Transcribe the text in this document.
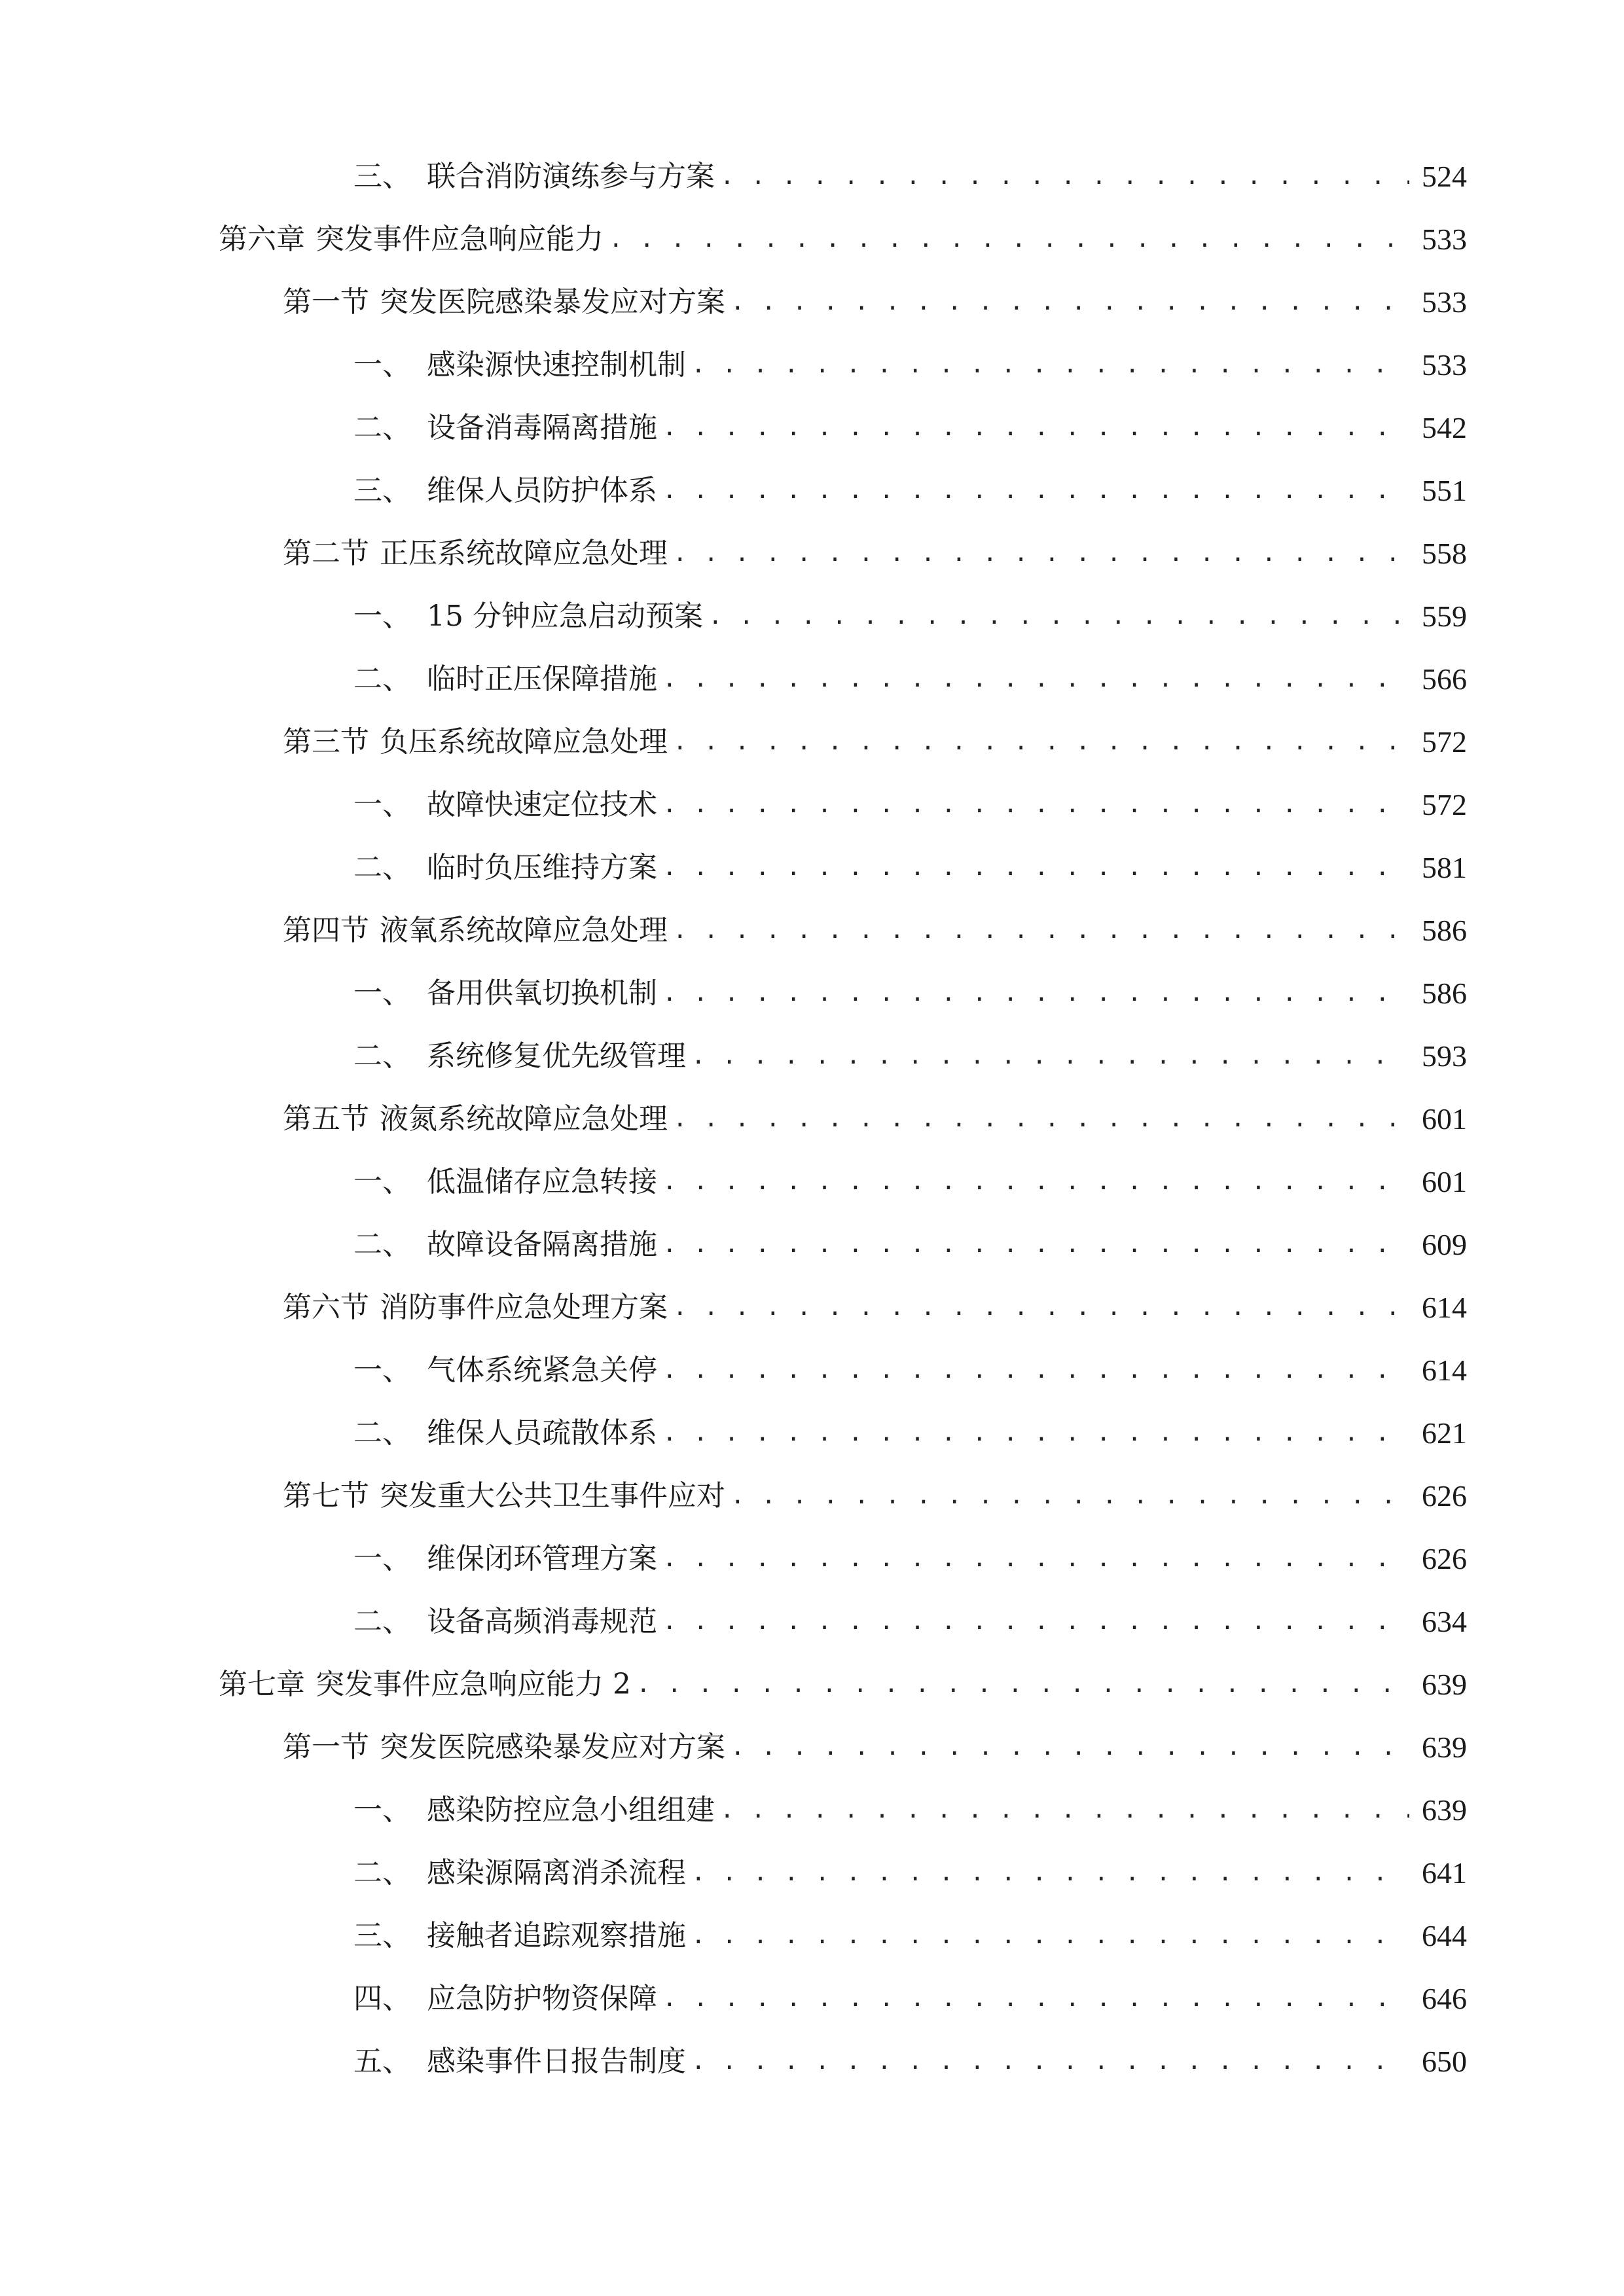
三、 联合消防演练参与方案 . . .	524
第六章 突发事件应急响应能力 . . .	533
第一节 突发医院感染暴发应对方案 . . .	533
一、 感染源快速控制机制 . . .	533
二、 设备消毒隔离措施 . . .	542
三、 维保人员防护体系 . . .	551
第二节 正压系统故障应急处理 . . .	558
一、 15 分钟应急启动预案 . . .	559
二、 临时正压保障措施 . . .	566
第三节 负压系统故障应急处理 . . .	572
一、 故障快速定位技术 . . .	572
二、 临时负压维持方案 . . .	581
第四节 液氧系统故障应急处理 . . .	586
一、 备用供氧切换机制 . . .	586
二、 系统修复优先级管理 . . .	593
第五节 液氮系统故障应急处理 . . .	601
一、 低温储存应急转接 . . .	601
二、 故障设备隔离措施 . . .	609
第六节 消防事件应急处理方案 . . .	614
一、 气体系统紧急关停 . . .	614
二、 维保人员疏散体系 . . .	621
第七节 突发重大公共卫生事件应对 . . .	626
一、 维保闭环管理方案 . . .	626
二、 设备高频消毒规范 . . .	634
第七章 突发事件应急响应能力 2 . . .	639
第一节 突发医院感染暴发应对方案 . . .	639
一、 感染防控应急小组组建 . . .	639
二、 感染源隔离消杀流程 . . .	641
三、 接触者追踪观察措施 . . .	644
四、 应急防护物资保障 . . .	646
五、 感染事件日报告制度 . . .	650
